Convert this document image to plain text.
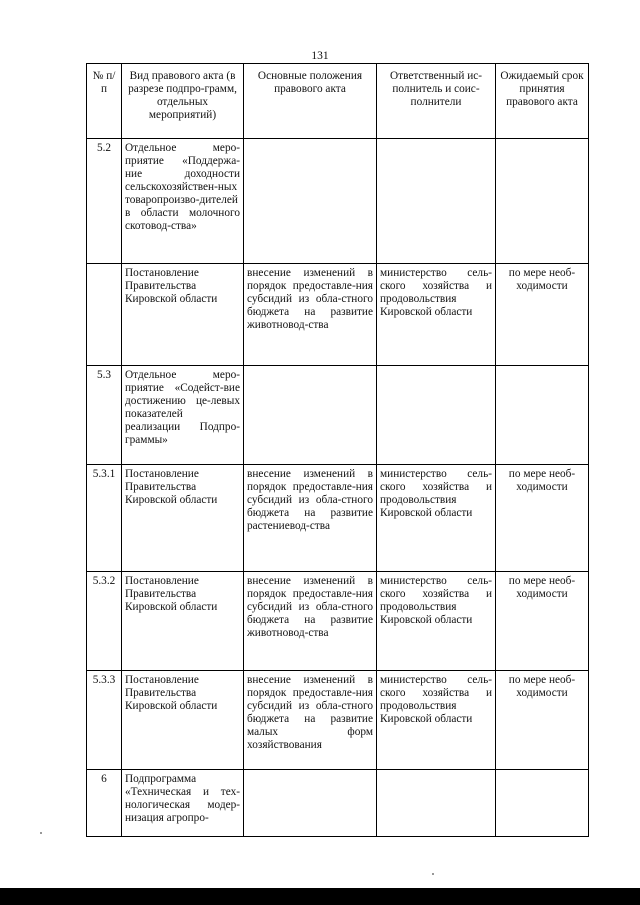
131
№ п/п	Вид правового акта (в разрезе подпро-грамм, отдельных мероприятий)	Основные положения правового акта	Ответственный ис-полнитель и соис-полнители	Ожидаемый срок принятия правового акта
5.2	Отдельное меро-приятие «Поддержа-ние доходности сельскохозяйствен-ных товаропроизво-дителей в области молочного скотовод-ства»			
	Постановление Правительства Кировской области	внесение изменений в порядок предоставле-ния субсидий из обла-стного бюджета на развитие животновод-ства	министерство сель-ского хозяйства и продовольствия Кировской области	по мере необ-ходимости
5.3	Отдельное меро-приятие «Содейст-вие достижению це-левых показателей реализации Подпро-граммы»			
5.3.1	Постановление Правительства Кировской области	внесение изменений в порядок предоставле-ния субсидий из обла-стного бюджета на развитие растениевод-ства	министерство сель-ского хозяйства и продовольствия Кировской области	по мере необ-ходимости
5.3.2	Постановление Правительства Кировской области	внесение изменений в порядок предоставле-ния субсидий из обла-стного бюджета на развитие животновод-ства	министерство сель-ского хозяйства и продовольствия Кировской области	по мере необ-ходимости
5.3.3	Постановление Правительства Кировской области	внесение изменений в порядок предоставле-ния субсидий из обла-стного бюджета на развитие малых форм хозяйствования	министерство сель-ского хозяйства и продовольствия Кировской области	по мере необ-ходимости
6	Подпрограмма «Техническая и тех-нологическая модер-низация агропро-			
